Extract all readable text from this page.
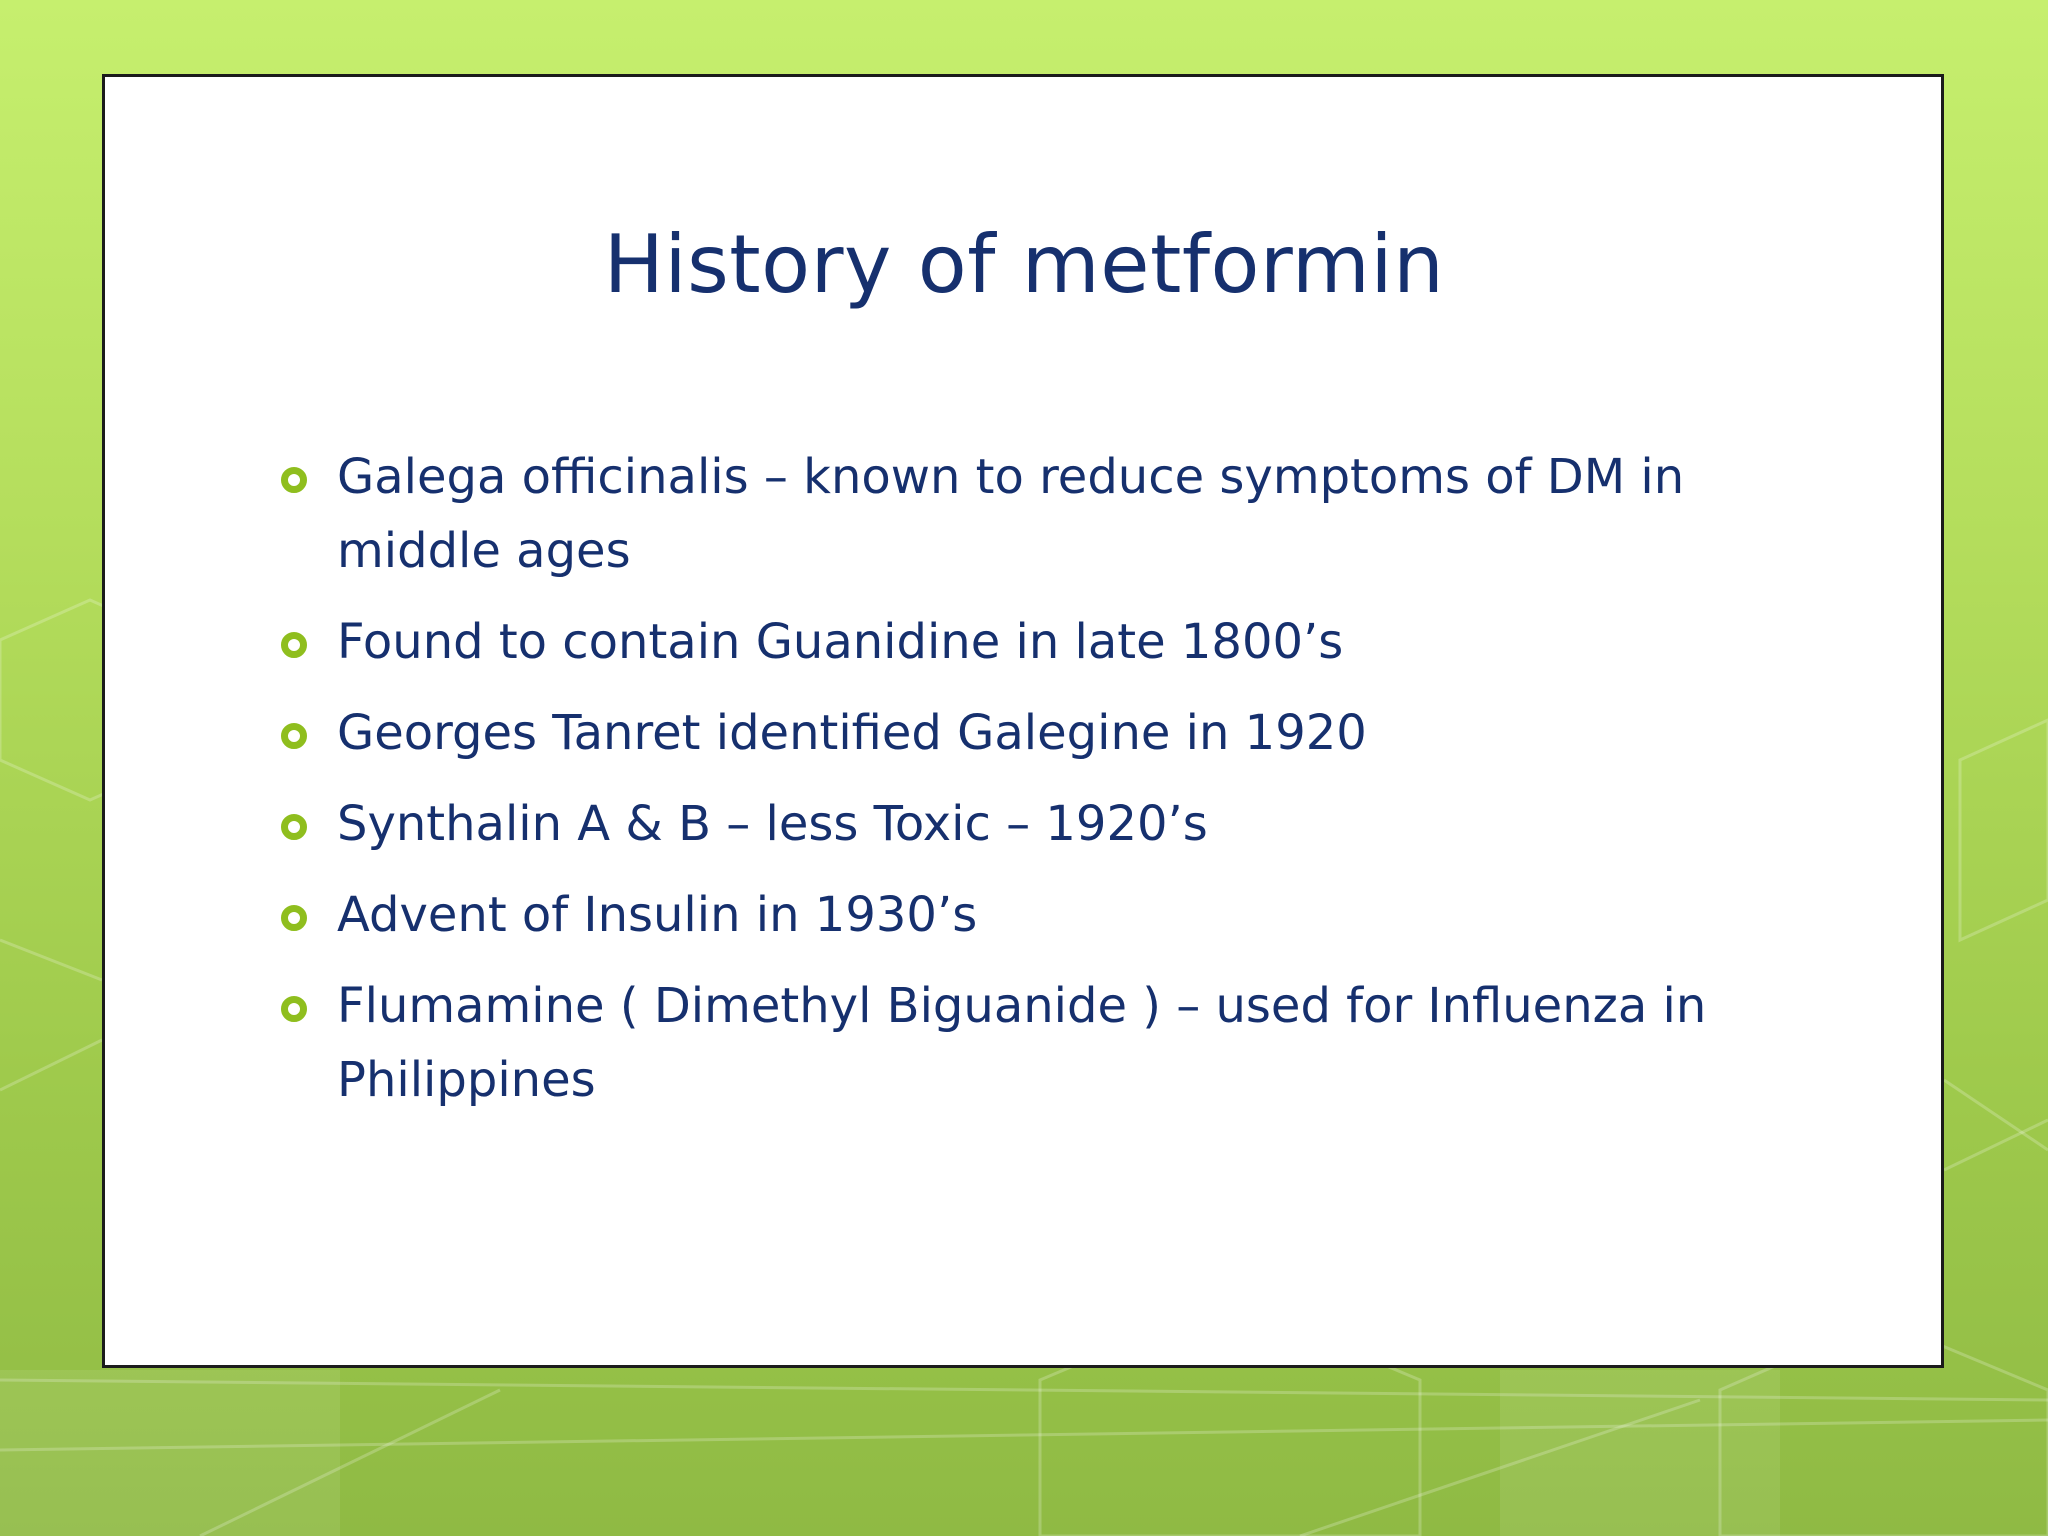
History of metformin
Galega officinalis – known to reduce symptoms of DM in middle ages
Found to contain Guanidine in late 1800’s
Georges Tanret identified Galegine in 1920
Synthalin A & B – less Toxic – 1920’s
Advent of Insulin in 1930’s
Flumamine ( Dimethyl Biguanide ) – used for Influenza in Philippines
